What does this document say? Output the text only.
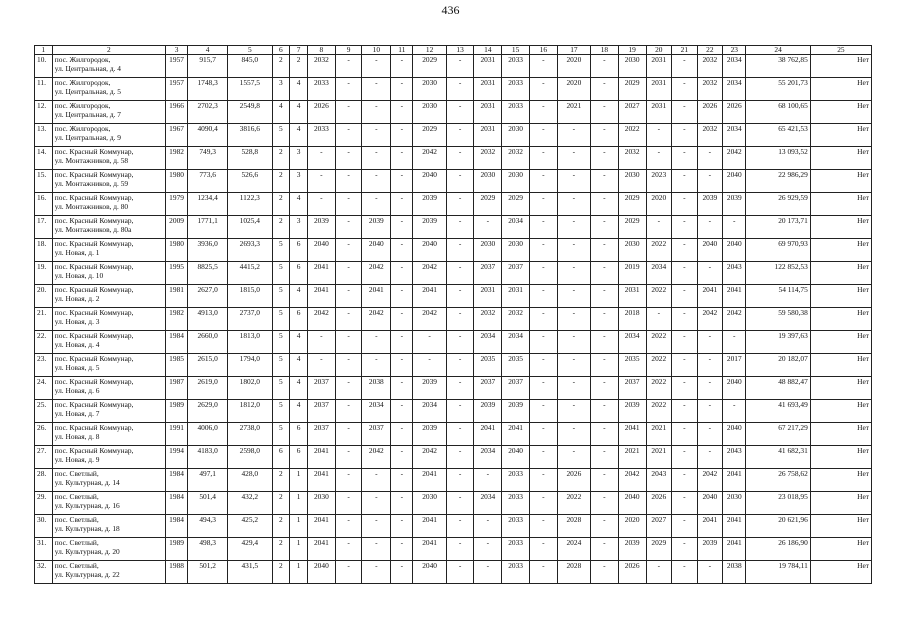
436
1	2	3	4	5	6	7	8	9	10	11	12	13	14	15	16	17	18	19	20	21	22	23	24	25
10.	пос. Жилгородок,
ул. Центральная, д. 4	1957	915,7	845,0	2	2	2032	-	-	-	2029	-	2031	2033	-	2020	-	2030	2031	-	2032	2034	38 762,85	Нет
11.	пос. Жилгородок,
ул. Центральная, д. 5	1957	1748,3	1557,5	3	4	2033	-	-	-	2030	-	2031	2033	-	2020	-	2029	2031	-	2032	2034	55 201,73	Нет
12.	пос. Жилгородок,
ул. Центральная, д. 7	1966	2702,3	2549,8	4	4	2026	-	-	-	2030	-	2031	2033	-	2021	-	2027	2031	-	2026	2026	68 100,65	Нет
13.	пос. Жилгородок,
ул. Центральная, д. 9	1967	4090,4	3816,6	5	4	2033	-	-	-	2029	-	2031	2030	-	-	-	2022	-	-	2032	2034	65 421,53	Нет
14.	пос. Красный Коммунар,
ул. Монтажников, д. 58	1982	749,3	528,8	2	3	-	-	-	-	2042	-	2032	2032	-	-	-	2032	-	-	-	2042	13 093,52	Нет
15.	пос. Красный Коммунар,
ул. Монтажников, д. 59	1980	773,6	526,6	2	3	-	-	-	-	2040	-	2030	2030	-	-	-	2030	2023	-	-	2040	22 986,29	Нет
16.	пос. Красный Коммунар,
ул. Монтажников, д. 80	1979	1234,4	1122,3	2	4	-	-	-	-	2039	-	2029	2029	-	-	-	2029	2020	-	2039	2039	26 929,59	Нет
17.	пос. Красный Коммунар,
ул. Монтажников, д. 80а	2009	1771,1	1025,4	2	3	2039	-	2039	-	2039	-	-	2034	-	-	-	2029	-	-	-	-	20 173,71	Нет
18.	пос. Красный Коммунар,
ул. Новая, д. 1	1980	3936,0	2693,3	5	6	2040	-	2040	-	2040	-	2030	2030	-	-	-	2030	2022	-	2040	2040	69 970,93	Нет
19.	пос. Красный Коммунар,
ул. Новая, д. 10	1995	8825,5	4415,2	5	6	2041	-	2042	-	2042	-	2037	2037	-	-	-	2019	2034	-	-	2043	122 852,53	Нет
20.	пос. Красный Коммунар,
ул. Новая, д. 2	1981	2627,0	1815,0	5	4	2041	-	2041	-	2041	-	2031	2031	-	-	-	2031	2022	-	2041	2041	54 114,75	Нет
21.	пос. Красный Коммунар,
ул. Новая, д. 3	1982	4913,0	2737,0	5	6	2042	-	2042	-	2042	-	2032	2032	-	-	-	2018	-	-	2042	2042	59 580,38	Нет
22.	пос. Красный Коммунар,
ул. Новая, д. 4	1984	2660,0	1813,0	5	4	-	-	-	-	-	-	2034	2034	-	-	-	2034	2022	-	-	-	19 397,63	Нет
23.	пос. Красный Коммунар,
ул. Новая, д. 5	1985	2615,0	1794,0	5	4	-	-	-	-	-	-	2035	2035	-	-	-	2035	2022	-	-	2017	20 182,07	Нет
24.	пос. Красный Коммунар,
ул. Новая, д. 6	1987	2619,0	1802,0	5	4	2037	-	2038	-	2039	-	2037	2037	-	-	-	2037	2022	-	-	2040	48 882,47	Нет
25.	пос. Красный Коммунар,
ул. Новая, д. 7	1989	2629,0	1812,0	5	4	2037	-	2034	-	2034	-	2039	2039	-	-	-	2039	2022	-	-	-	41 693,49	Нет
26.	пос. Красный Коммунар,
ул. Новая, д. 8	1991	4006,0	2738,0	5	6	2037	-	2037	-	2039	-	2041	2041	-	-	-	2041	2021	-	-	2040	67 217,29	Нет
27.	пос. Красный Коммунар,
ул. Новая, д. 9	1994	4183,0	2598,0	6	6	2041	-	2042	-	2042	-	2034	2040	-	-	-	2021	2021	-	-	2043	41 682,31	Нет
28.	пос. Светлый,
ул. Культурная, д. 14	1984	497,1	428,0	2	1	2041	-	-	-	2041	-	-	2033	-	2026	-	2042	2043	-	2042	2041	26 758,62	Нет
29.	пос. Светлый,
ул. Культурная, д. 16	1984	501,4	432,2	2	1	2030	-	-	-	2030	-	2034	2033	-	2022	-	2040	2026	-	2040	2030	23 018,95	Нет
30.	пос. Светлый,
ул. Культурная, д. 18	1984	494,3	425,2	2	1	2041	-	-	-	2041	-	-	2033	-	2028	-	2020	2027	-	2041	2041	20 621,96	Нет
31.	пос. Светлый,
ул. Культурная, д. 20	1989	498,3	429,4	2	1	2041	-	-	-	2041	-	-	2033	-	2024	-	2039	2029	-	2039	2041	26 186,90	Нет
32.	пос. Светлый,
ул. Культурная, д. 22	1988	501,2	431,5	2	1	2040	-	-	-	2040	-	-	2033	-	2028	-	2026	-	-	-	2038	19 784,11	Нет
